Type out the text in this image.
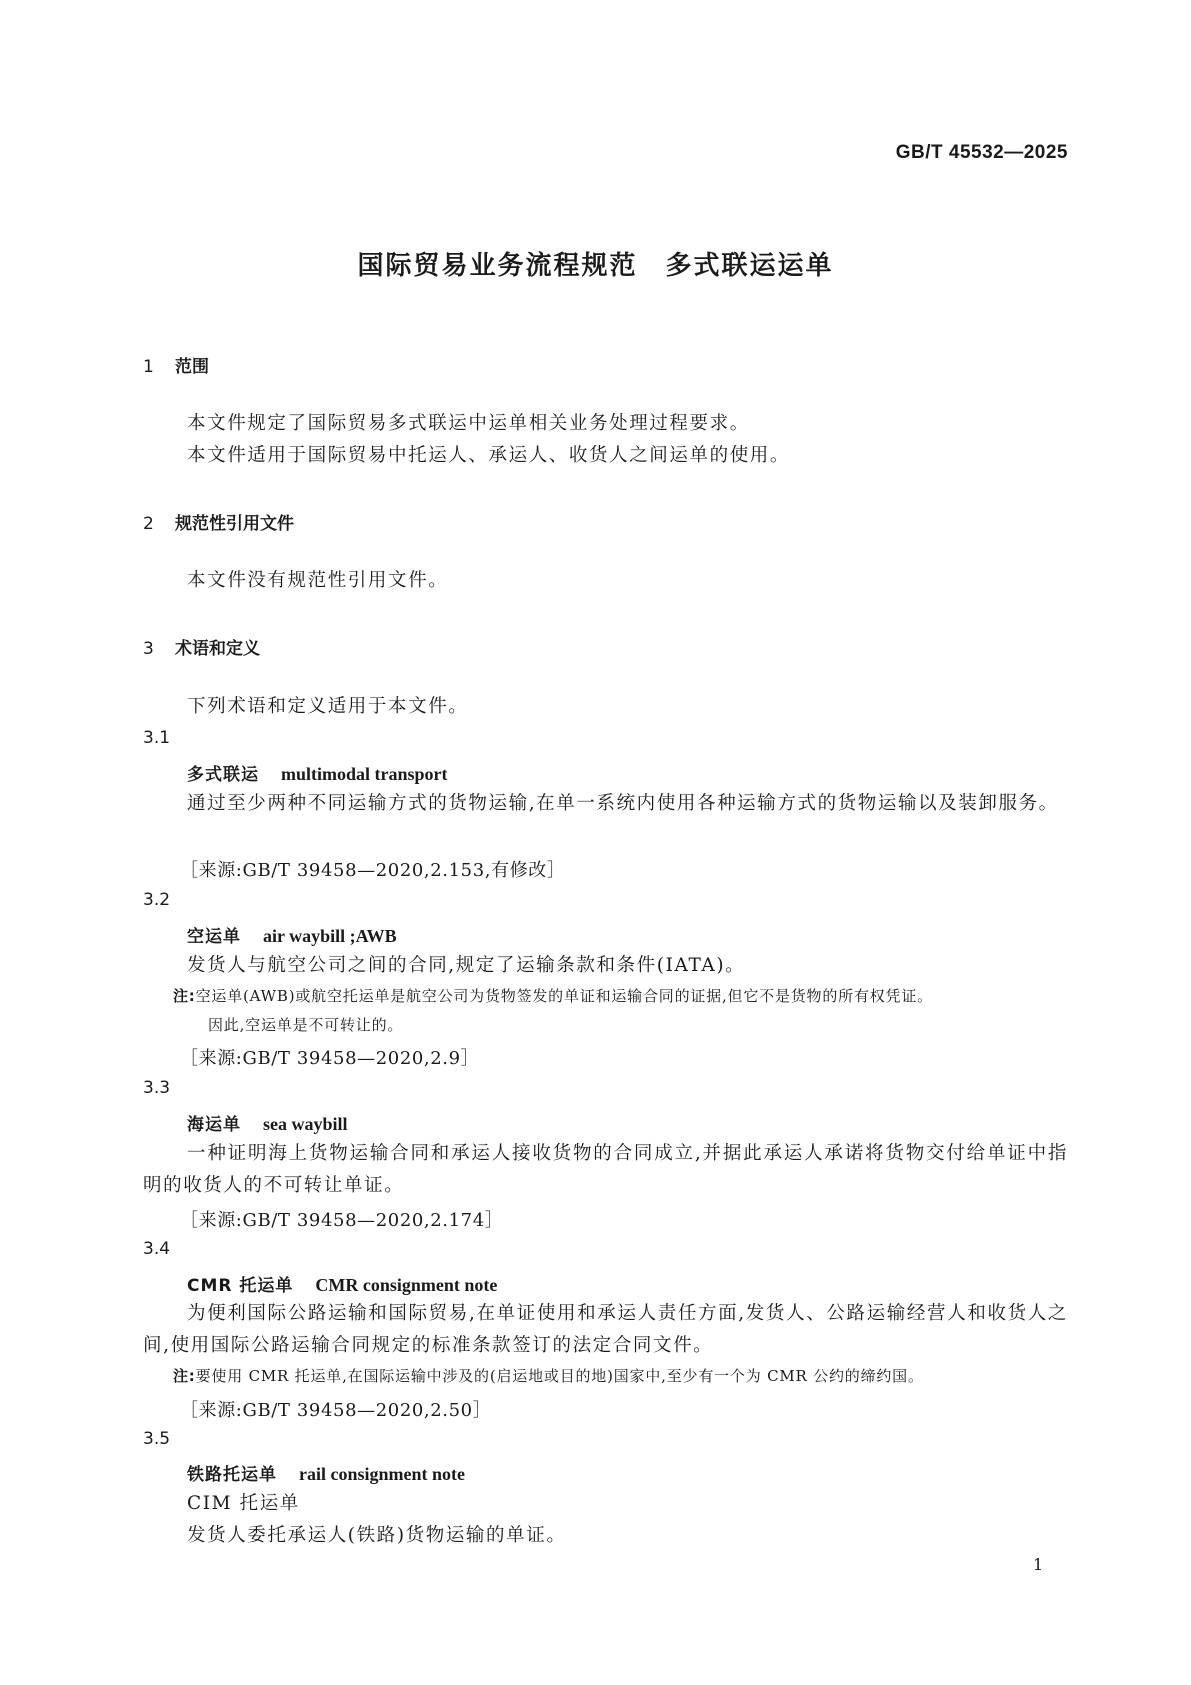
GB/T 45532—2025
国际贸易业务流程规范　多式联运运单
1 范围
本文件规定了国际贸易多式联运中运单相关业务处理过程要求。
本文件适用于国际贸易中托运人、承运人、收货人之间运单的使用。
2 规范性引用文件
本文件没有规范性引用文件。
3 术语和定义
下列术语和定义适用于本文件。
3.1
多式联运 multimodal transport
通过至少两种不同运输方式的货物运输,在单一系统内使用各种运输方式的货物运输以及装卸服务。
［来源:GB/T 39458—2020,2.153,有修改］
3.2
空运单 air waybill ;AWB
发货人与航空公司之间的合同,规定了运输条款和条件(IATA)。
注:空运单(AWB)或航空托运单是航空公司为货物签发的单证和运输合同的证据,但它不是货物的所有权凭证。
因此,空运单是不可转让的。
［来源:GB/T 39458—2020,2.9］
3.3
海运单 sea waybill
一种证明海上货物运输合同和承运人接收货物的合同成立,并据此承运人承诺将货物交付给单证中指明的收货人的不可转让单证。
［来源:GB/T 39458—2020,2.174］
3.4
CMR 托运单 CMR consignment note
为便利国际公路运输和国际贸易,在单证使用和承运人责任方面,发货人、公路运输经营人和收货人之间,使用国际公路运输合同规定的标准条款签订的法定合同文件。
注:要使用 CMR 托运单,在国际运输中涉及的(启运地或目的地)国家中,至少有一个为 CMR 公约的缔约国。
［来源:GB/T 39458—2020,2.50］
3.5
铁路托运单 rail consignment note
CIM 托运单
发货人委托承运人(铁路)货物运输的单证。
1
